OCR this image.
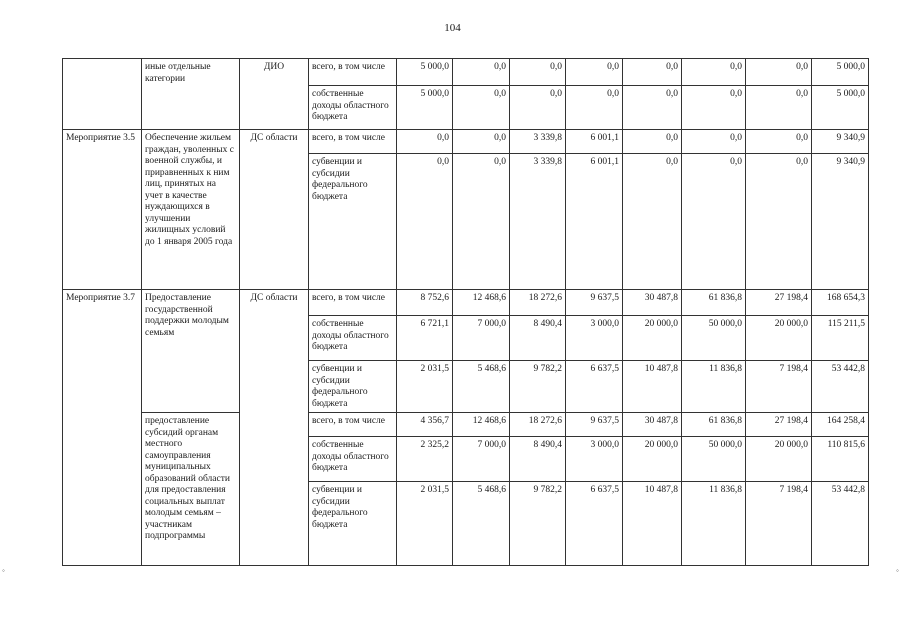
104
	иные отдельные категории	ДИО	всего, в том числе	5 000,0	0,0	0,0	0,0	0,0	0,0	0,0	5 000,0
			собственные доходы областного бюджета	5 000,0	0,0	0,0	0,0	0,0	0,0	0,0	5 000,0
Мероприятие 3.5	Обеспечение жильем граждан, уволенных с военной службы, и приравненных к ним лиц, принятых на учет в качестве нуждающихся в улучшении жилищных условий до 1 января 2005 года	ДС области	всего, в том числе	0,0	0,0	3 339,8	6 001,1	0,0	0,0	0,0	9 340,9
			субвенции и субсидии федерального бюджета	0,0	0,0	3 339,8	6 001,1	0,0	0,0	0,0	9 340,9
Мероприятие 3.7	Предоставление государственной поддержки молодым семьям	ДС области	всего, в том числе	8 752,6	12 468,6	18 272,6	9 637,5	30 487,8	61 836,8	27 198,4	168 654,3
			собственные доходы областного бюджета	6 721,1	7 000,0	8 490,4	3 000,0	20 000,0	50 000,0	20 000,0	115 211,5
			субвенции и субсидии федерального бюджета	2 031,5	5 468,6	9 782,2	6 637,5	10 487,8	11 836,8	7 198,4	53 442,8
	предоставление субсидий органам местного самоуправления муниципальных образований области для предоставления социальных выплат молодым семьям – участникам подпрограммы		всего, в том числе	4 356,7	12 468,6	18 272,6	9 637,5	30 487,8	61 836,8	27 198,4	164 258,4
			собственные доходы областного бюджета	2 325,2	7 000,0	8 490,4	3 000,0	20 000,0	50 000,0	20 000,0	110 815,6
			субвенции и субсидии федерального бюджета	2 031,5	5 468,6	9 782,2	6 637,5	10 487,8	11 836,8	7 198,4	53 442,8
◦	◦
